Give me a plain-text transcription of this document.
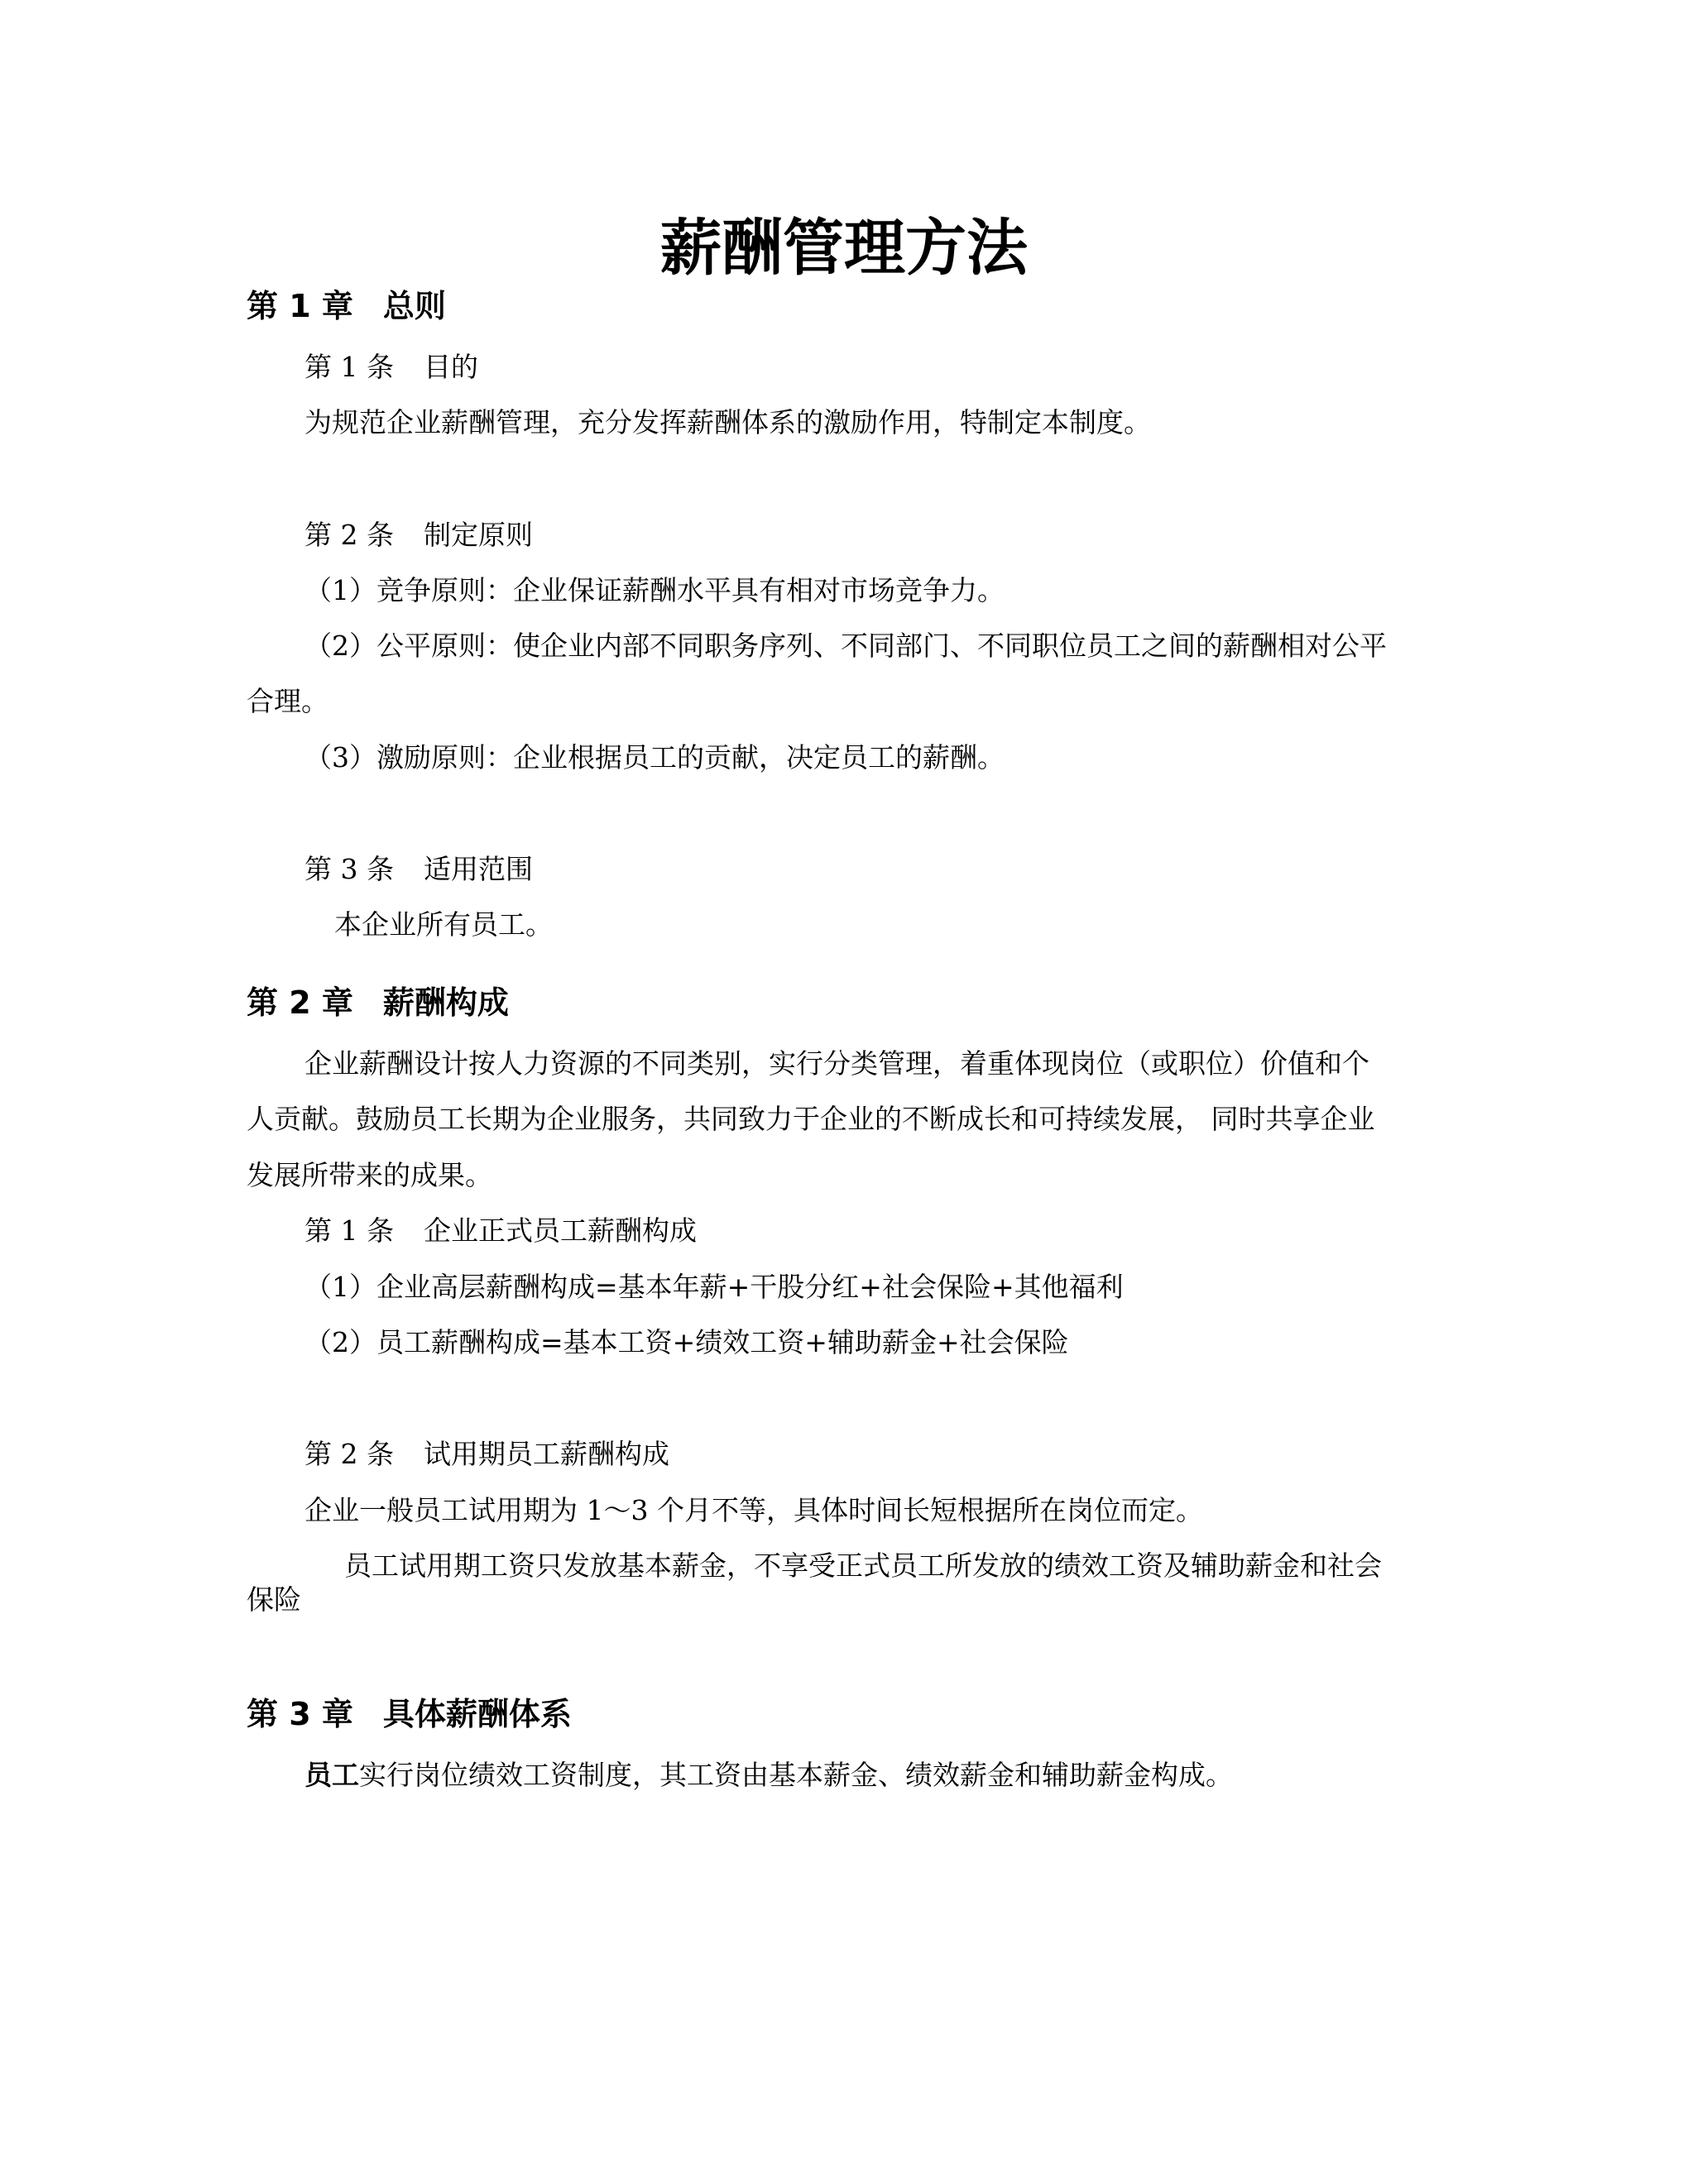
薪酬管理方法
第 1 章 总则
第 1 条 目的
为规范企业薪酬管理，充分发挥薪酬体系的激励作用，特制定本制度。
第 2 条 制定原则
（1）竞争原则：企业保证薪酬水平具有相对市场竞争力。
（2）公平原则：使企业内部不同职务序列、不同部门、不同职位员工之间的薪酬相对公平
合理。
（3）激励原则：企业根据员工的贡献，决定员工的薪酬。
第 3 条 适用范围
本企业所有员工。
第 2 章 薪酬构成
企业薪酬设计按人力资源的不同类别，实行分类管理，着重体现岗位（或职位）价值和个
人贡献。鼓励员工长期为企业服务，共同致力于企业的不断成长和可持续发展， 同时共享企业
发展所带来的成果。
第 1 条 企业正式员工薪酬构成
（1）企业高层薪酬构成=基本年薪+干股分红+社会保险+其他福利
（2）员工薪酬构成=基本工资+绩效工资+辅助薪金+社会保险
第 2 条 试用期员工薪酬构成
企业一般员工试用期为 1～3 个月不等，具体时间长短根据所在岗位而定。
员工试用期工资只发放基本薪金，不享受正式员工所发放的绩效工资及辅助薪金和社会
保险
第 3 章 具体薪酬体系
员工实行岗位绩效工资制度，其工资由基本薪金、绩效薪金和辅助薪金构成。
